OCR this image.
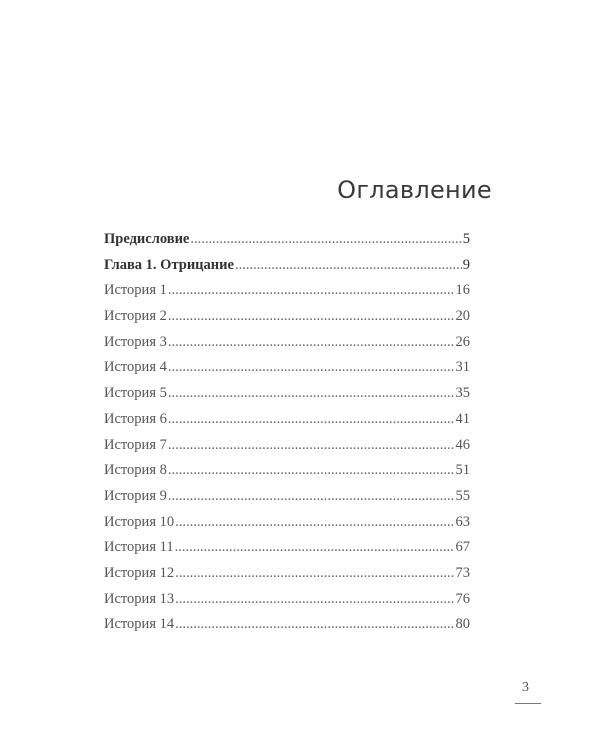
Оглавление
Предисловие .....	5
Глава 1. Отрицание .....	9
История 1 .....	16
История 2 .....	20
История 3 .....	26
История 4 .....	31
История 5 .....	35
История 6 .....	41
История 7 .....	46
История 8 .....	51
История 9 .....	55
История 10 .....	63
История 11 .....	67
История 12 .....	73
История 13 .....	76
История 14 .....	80
3
